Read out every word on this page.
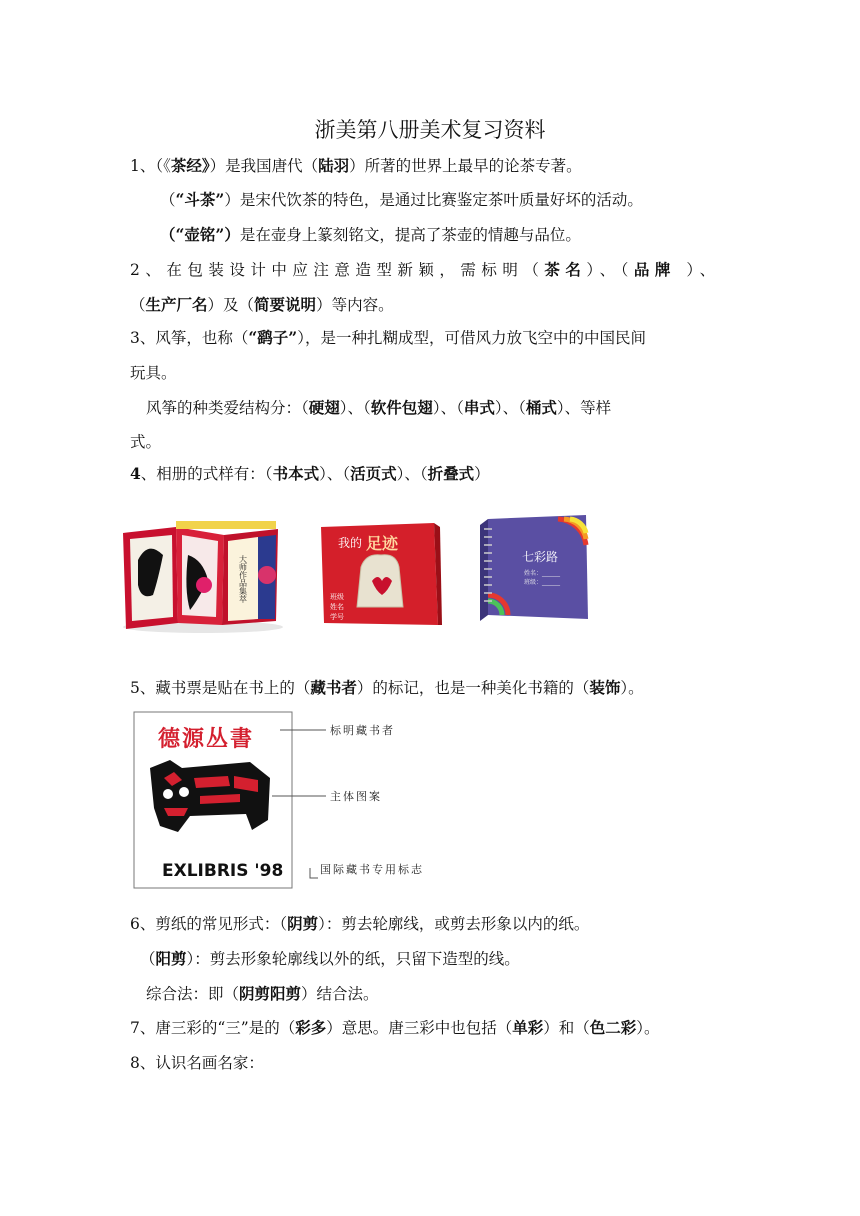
浙美第八册美术复习资料
1、（《茶经》）是我国唐代（陆羽）所著的世界上最早的论茶专著。
（“斗茶”）是宋代饮茶的特色，是通过比赛鉴定茶叶质量好坏的活动。
（“壶铭”）是在壶身上篆刻铭文，提高了茶壶的情趣与品位。
2、在包装设计中应注意造型新颖，需标明（茶名）、（品牌 ）、
（生产厂名）及（简要说明）等内容。
3、风筝，也称（“鹞子”），是一种扎糊成型，可借风力放飞空中的中国民间
玩具。
风筝的种类爱结构分：（硬翅）、（软件包翅）、（串式）、（桶式）、等样
式。
4、相册的式样有：（书本式）、（活页式）、（折叠式）
大师作品集萃
我的 足迹
班级
姓名
学号
七彩路
姓名：______
班级：______
5、藏书票是贴在书上的（藏书者）的标记，也是一种美化书籍的（装饰）。
德源丛書
EXLIBRIS '98
标明藏书者
主体图案
国际藏书专用标志
6、剪纸的常见形式：（阴剪）：剪去轮廓线，或剪去形象以内的纸。
（阳剪）：剪去形象轮廓线以外的纸，只留下造型的线。
综合法：即（阴剪阳剪）结合法。
7、唐三彩的“三”是的（彩多）意思。唐三彩中也包括（单彩）和（色二彩）。
8、认识名画名家：
